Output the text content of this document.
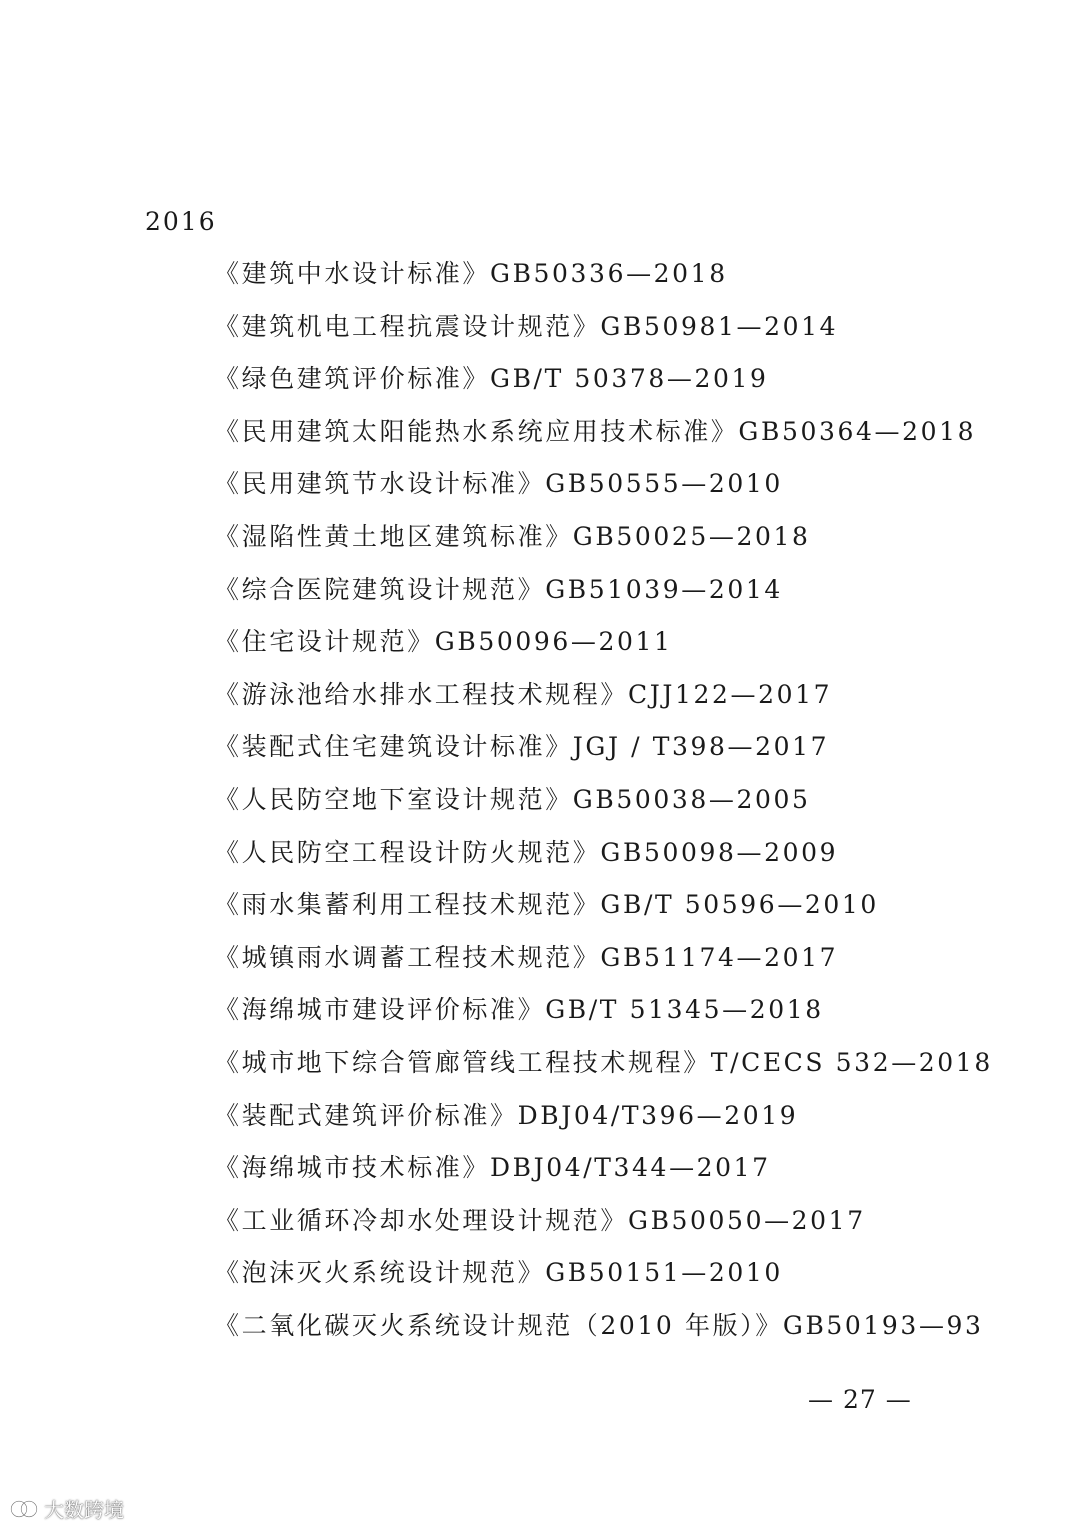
2016
《建筑中水设计标准》GB50336—2018
《建筑机电工程抗震设计规范》GB50981—2014
《绿色建筑评价标准》GB/T 50378—2019
《民用建筑太阳能热水系统应用技术标准》GB50364—2018
《民用建筑节水设计标准》GB50555—2010
《湿陷性黄土地区建筑标准》GB50025—2018
《综合医院建筑设计规范》GB51039—2014
《住宅设计规范》GB50096—2011
《游泳池给水排水工程技术规程》CJJ122—2017
《装配式住宅建筑设计标准》JGJ / T398—2017
《人民防空地下室设计规范》GB50038—2005
《人民防空工程设计防火规范》GB50098—2009
《雨水集蓄利用工程技术规范》GB/T 50596—2010
《城镇雨水调蓄工程技术规范》GB51174—2017
《海绵城市建设评价标准》GB/T 51345—2018
《城市地下综合管廊管线工程技术规程》T/CECS 532—2018
《装配式建筑评价标准》DBJ04/T396—2019
《海绵城市技术标准》DBJ04/T344—2017
《工业循环冷却水处理设计规范》GB50050—2017
《泡沫灭火系统设计规范》GB50151—2010
《二氧化碳灭火系统设计规范（2010 年版）》GB50193—93
— 27 —
大数跨境
